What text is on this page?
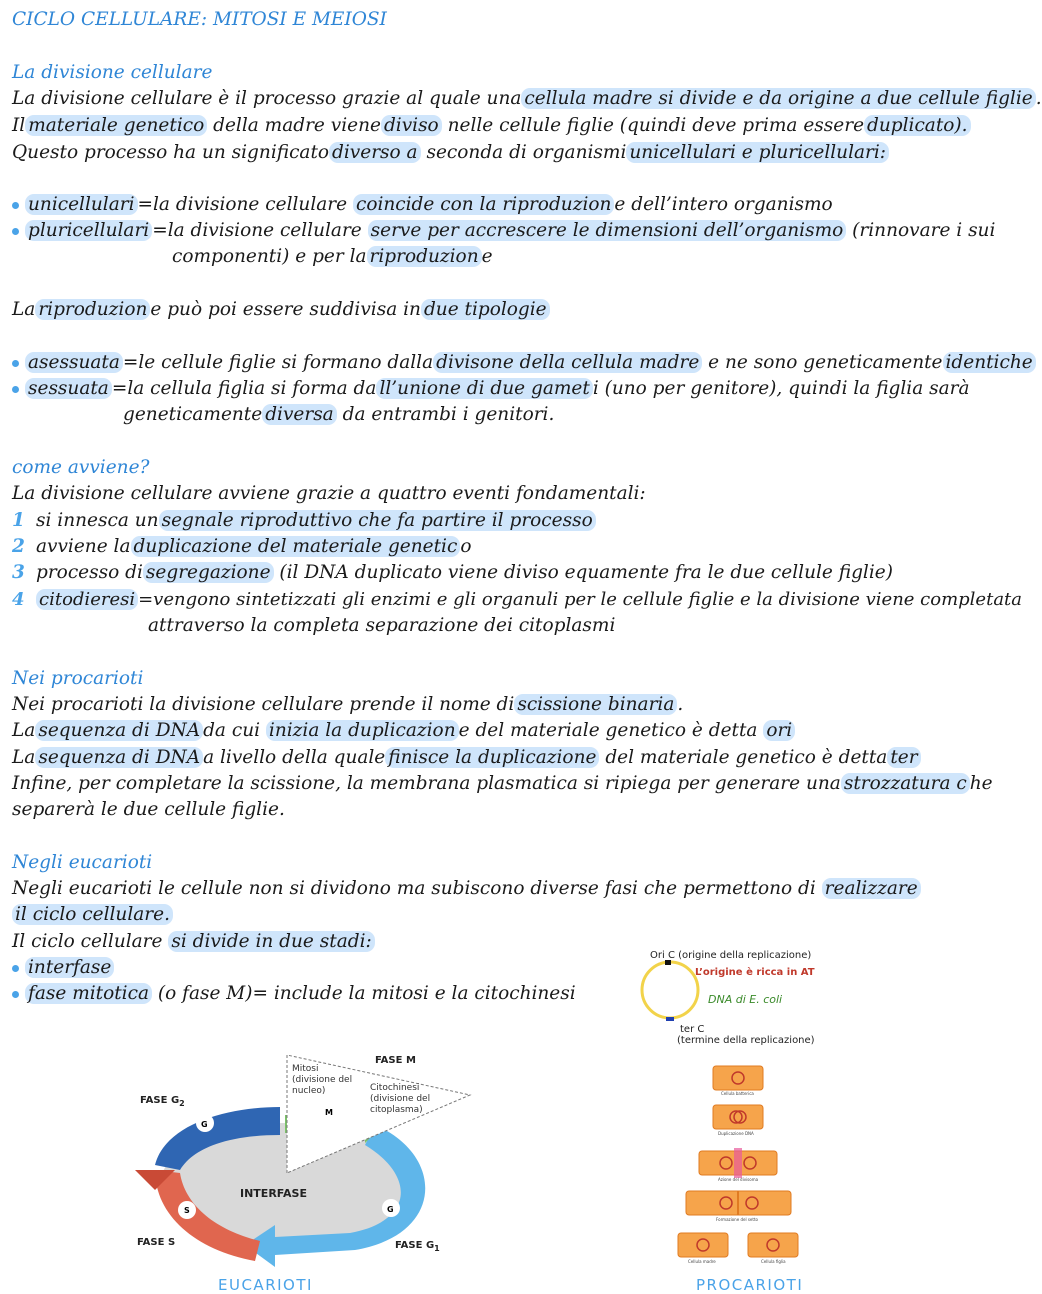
CICLO CELLULARE: MITOSI E MEIOSI
La divisione cellulare
La divisione cellulare è il processo grazie al quale una cellula madre si divide e da origine a due cellule figlie .
Il materiale genetico della madre viene diviso nelle cellule figlie (quindi deve prima essere duplicato).
Questo processo ha un significato diverso a seconda di organismi unicellulari e pluricellulari:
unicellulari =la divisione cellulare coincide con la riproduzion e dell’intero organismo
pluricellulari =la divisione cellulare serve per accrescere le dimensioni dell’organismo (rinnovare i sui
componenti) e per la riproduzion e
La riproduzion e può poi essere suddivisa in due tipologie
asessuata =le cellule figlie si formano dalla divisone della cellula madre e ne sono geneticamente identiche
sessuata =la cellula figlia si forma da ll’unione di due gamet i (uno per genitore), quindi la figlia sarà
geneticamente diversa da entrambi i genitori.
come avviene?
La divisione cellulare avviene grazie a quattro eventi fondamentali:
1 si innesca un segnale riproduttivo che fa partire il processo
2 avviene la duplicazione del materiale genetic o
3 processo di segregazione (il DNA duplicato viene diviso equamente fra le due cellule figlie)
4 citodieresi =vengono sintetizzati gli enzimi e gli organuli per le cellule figlie e la divisione viene completata
attraverso la completa separazione dei citoplasmi
Nei procarioti
Nei procarioti la divisione cellulare prende il nome di scissione binaria .
La sequenza di DNA da cui inizia la duplicazion e del materiale genetico è detta ori
La sequenza di DNA a livello della quale finisce la duplicazione del materiale genetico è detta ter
Infine, per completare la scissione, la membrana plasmatica si ripiega per generare una strozzatura c he
separerà le due cellule figlie.
Negli eucarioti
Negli eucarioti le cellule non si dividono ma subiscono diverse fasi che permettono di realizzare
il ciclo cellulare.
Il ciclo cellulare si divide in due stadi:
interfase
fase mitotica (o fase M)= include la mitosi e la citochinesi
G
M
S	G
INTERFASE
FASE M
Mitosi (divisione del nucleo)	Citochinesi (divisione del citoplasma)
FASE $G_2$
FASE S	FASE $G_1$
EUCARIOTI
Ori C (origine della replicazione)
L’origine è ricca in AT
DNA di E. coli
ter C
(termine della replicazione)
Cellula batterica
Duplicazione DNA
Azione del divisoma
Formazione del setto
Cellula madre	Cellula figlia
PROCARIOTI
